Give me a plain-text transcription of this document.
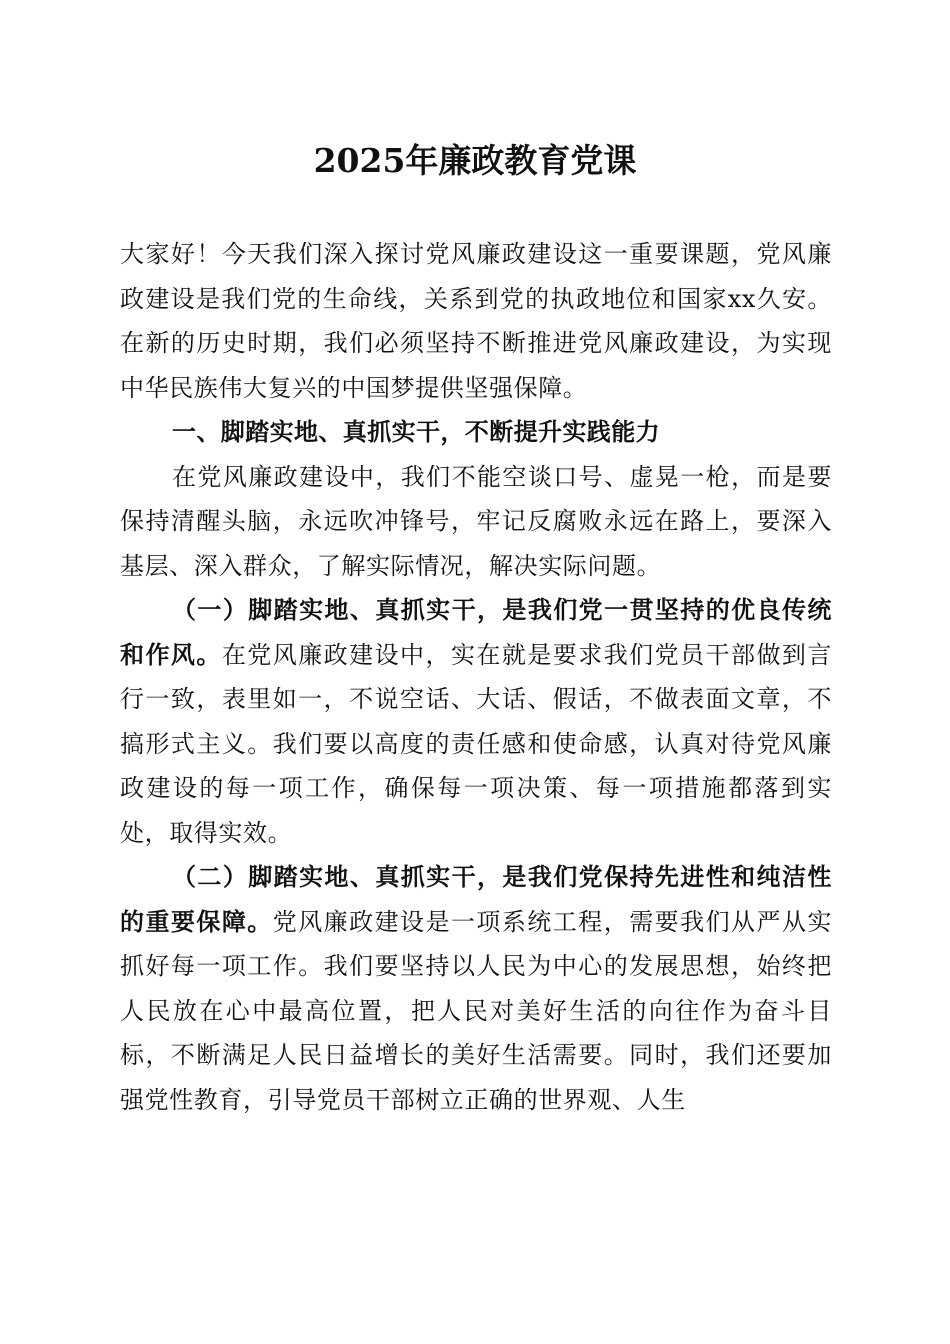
2025年廉政教育党课

大家好！今天我们深入探讨党风廉政建设这一重要课题，党风廉政建设是我们党的生命线，关系到党的执政地位和国家xx久安。在新的历史时期，我们必须坚持不断推进党风廉政建设，为实现中华民族伟大复兴的中国梦提供坚强保障。

一、脚踏实地、真抓实干，不断提升实践能力

在党风廉政建设中，我们不能空谈口号、虚晃一枪，而是要保持清醒头脑，永远吹冲锋号，牢记反腐败永远在路上，要深入基层、深入群众，了解实际情况，解决实际问题。

（一）脚踏实地、真抓实干，是我们党一贯坚持的优良传统和作风。在党风廉政建设中，实在就是要求我们党员干部做到言行一致，表里如一，不说空话、大话、假话，不做表面文章，不搞形式主义。我们要以高度的责任感和使命感，认真对待党风廉政建设的每一项工作，确保每一项决策、每一项措施都落到实处，取得实效。

（二）脚踏实地、真抓实干，是我们党保持先进性和纯洁性的重要保障。党风廉政建设是一项系统工程，需要我们从严从实抓好每一项工作。我们要坚持以人民为中心的发展思想，始终把人民放在心中最高位置，把人民对美好生活的向往作为奋斗目标，不断满足人民日益增长的美好生活需要。同时，我们还要加强党性教育，引导党员干部树立正确的世界观、人生
